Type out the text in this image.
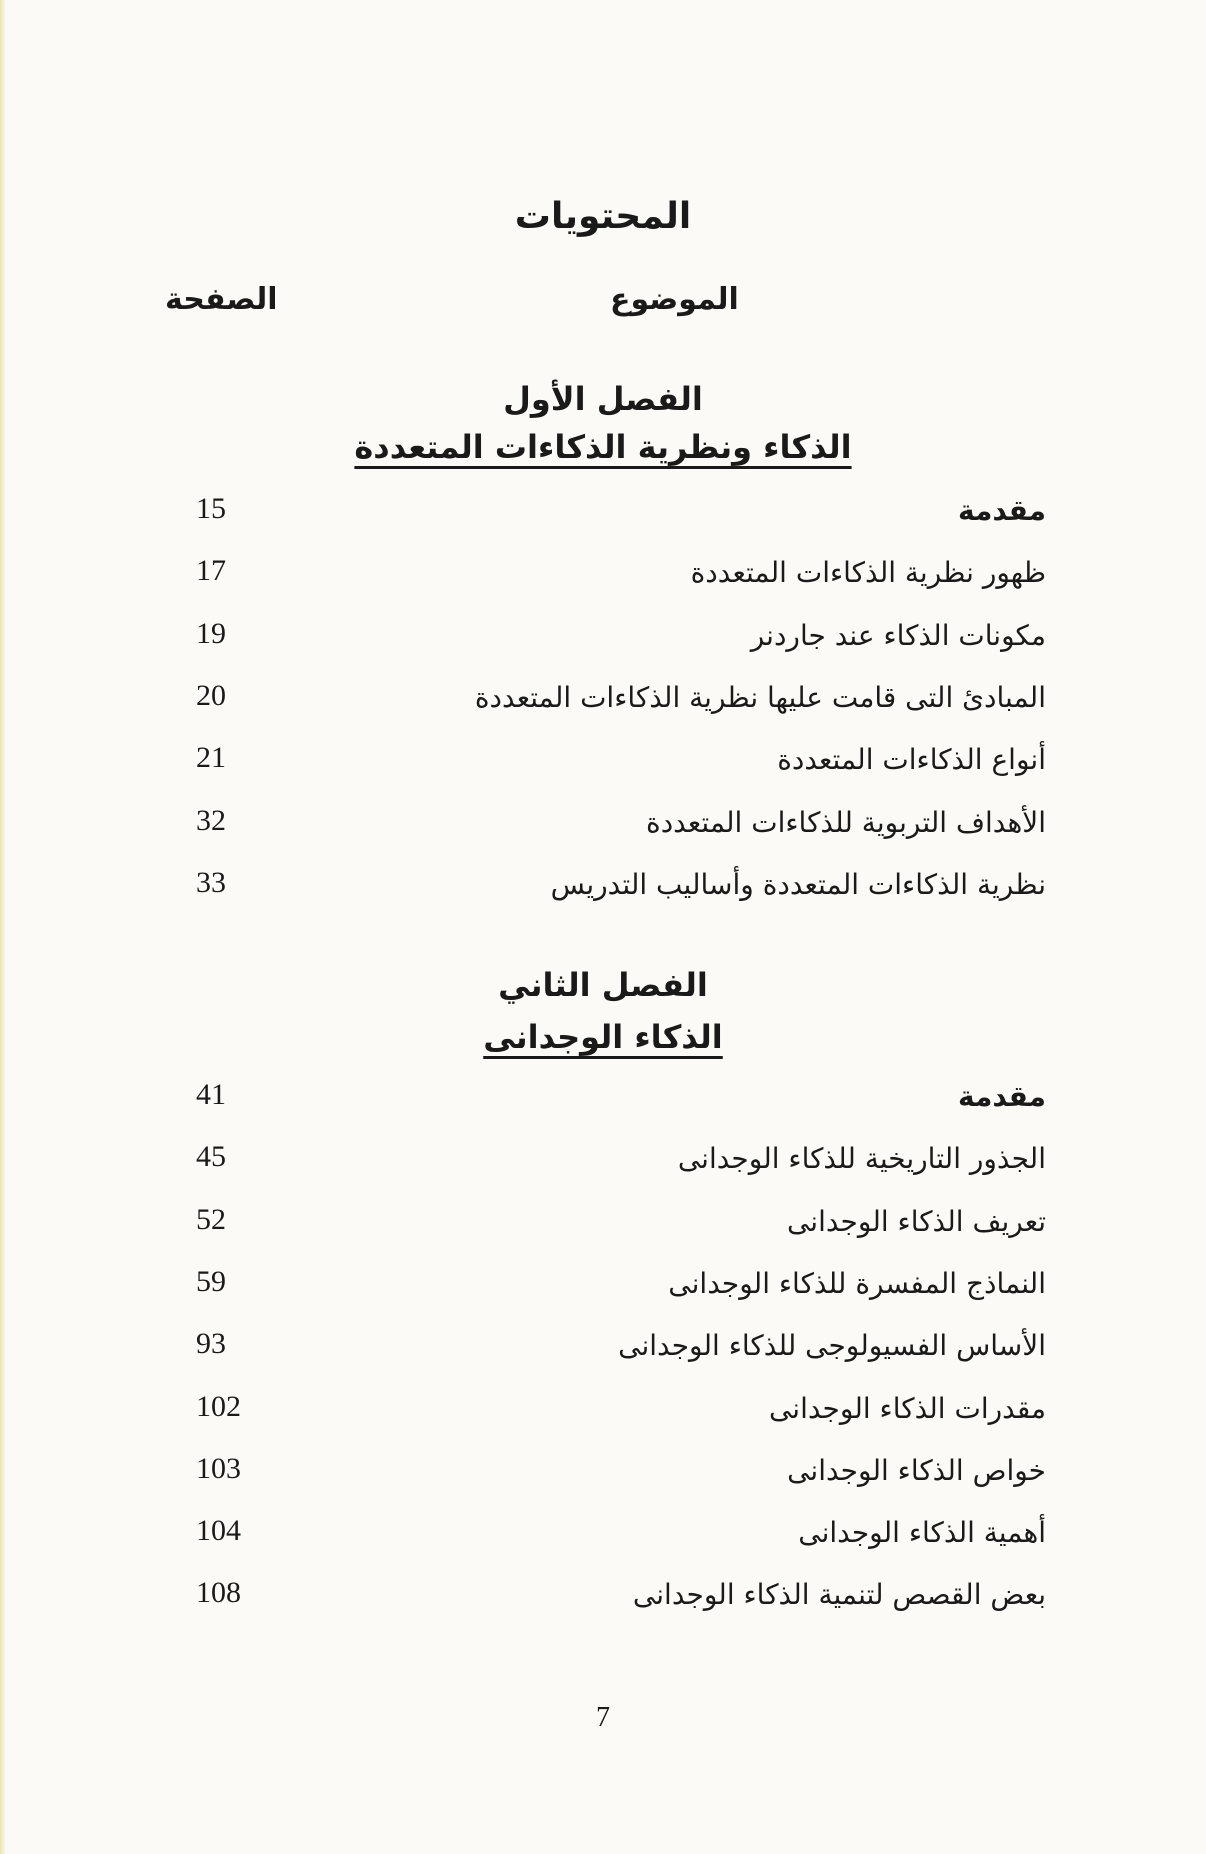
المحتويات
الصفحة	الموضوع
الفصل الأول
الذكاء ونظرية الذكاءات المتعددة
الفصل الثاني
الذكاء الوجدانى
مقدمة
15
ظهور نظرية الذكاءات المتعددة
17
مكونات الذكاء عند جاردنر
19
المبادئ التى قامت عليها نظرية الذكاءات المتعددة
20
أنواع الذكاءات المتعددة
21
الأهداف التربوية للذكاءات المتعددة
32
نظرية الذكاءات المتعددة وأساليب التدريس
33
مقدمة
41
الجذور التاريخية للذكاء الوجدانى
45
تعريف الذكاء الوجدانى
52
النماذج المفسرة للذكاء الوجدانى
59
الأساس الفسيولوجى للذكاء الوجدانى
93
مقدرات الذكاء الوجدانى
102
خواص الذكاء الوجدانى
103
أهمية الذكاء الوجدانى
104
بعض القصص لتنمية الذكاء الوجدانى
108
7
